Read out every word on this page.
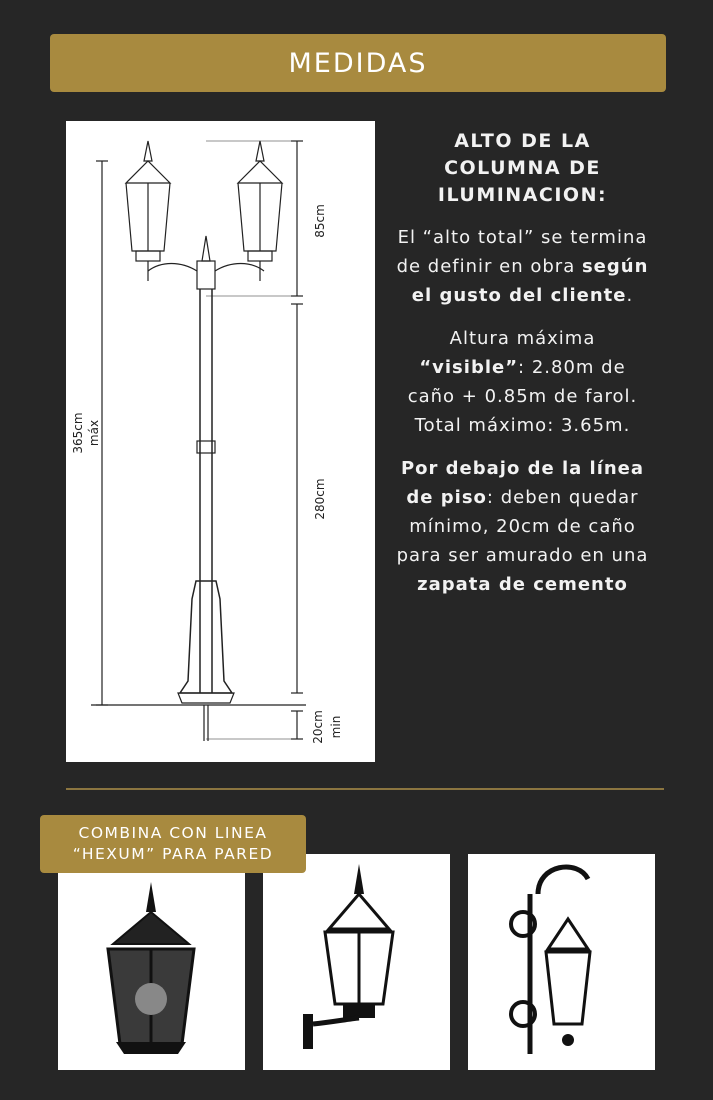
MEDIDAS
85cm
365cm máx
280cm
20cm min
ALTO DE LA COLUMNA DE ILUMINACION:

El “alto total” se termina de definir en obra según el gusto del cliente.

Altura máxima “visible”: 2.80m de caño + 0.85m de farol.
Total máximo: 3.65m.

Por debajo de la línea de piso: deben quedar mínimo, 20cm de caño para ser amurado en una zapata de cemento

COMBINA CON LINEA
“HEXUM” PARA PARED
